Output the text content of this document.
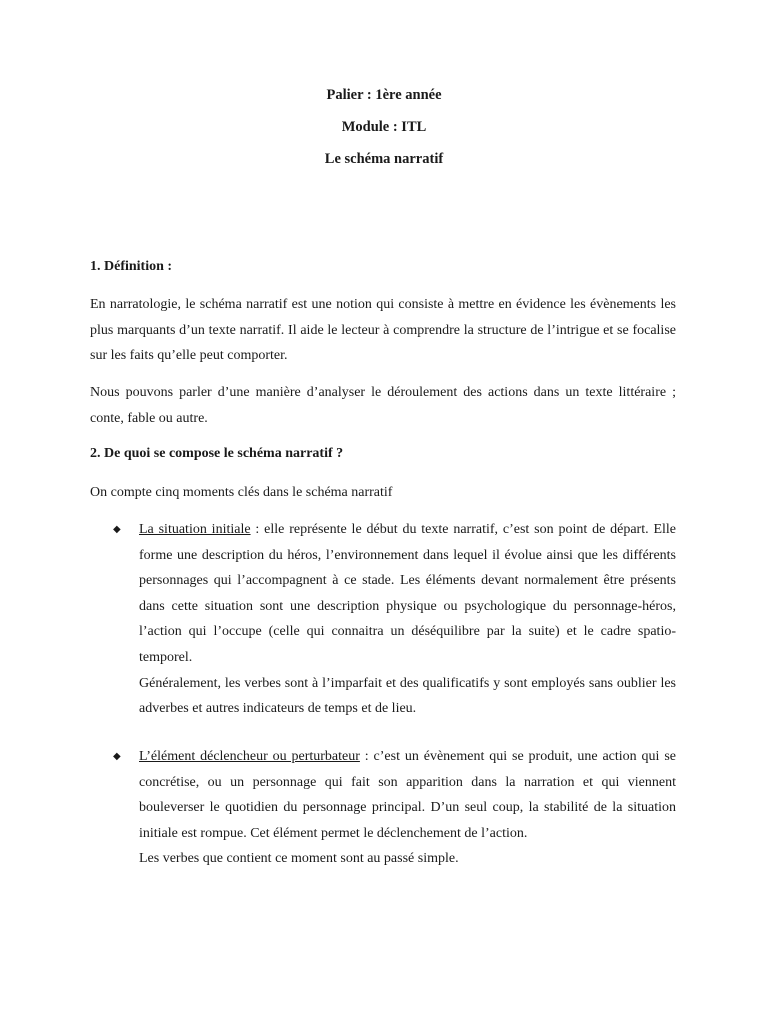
Palier : 1ère année
Module : ITL
Le schéma narratif
1. Définition :
En narratologie, le schéma narratif est une notion qui consiste à mettre en évidence les évènements les plus marquants d’un texte narratif. Il aide le lecteur à comprendre la structure de l’intrigue et se focalise sur les faits qu’elle peut comporter.
Nous pouvons parler d’une manière d’analyser le déroulement des actions dans un texte littéraire ; conte, fable ou autre.
2. De quoi se compose le schéma narratif ?
On compte cinq moments clés dans le schéma narratif
◆ La situation initiale : elle représente le début du texte narratif, c’est son point de départ. Elle forme une description du héros, l’environnement dans lequel il évolue ainsi que les différents personnages qui l’accompagnent à ce stade. Les éléments devant normalement être présents dans cette situation sont une description physique ou psychologique du personnage-héros, l’action qui l’occupe (celle qui connaitra un déséquilibre par la suite) et le cadre spatio-temporel.
Généralement, les verbes sont à l’imparfait et des qualificatifs y sont employés sans oublier les adverbes et autres indicateurs de temps et de lieu.
◆ L’élément déclencheur ou perturbateur : c’est un évènement qui se produit, une action qui se concrétise, ou un personnage qui fait son apparition dans la narration et qui viennent bouleverser le quotidien du personnage principal. D’un seul coup, la stabilité de la situation initiale est rompue. Cet élément permet le déclenchement de l’action.
Les verbes que contient ce moment sont au passé simple.
